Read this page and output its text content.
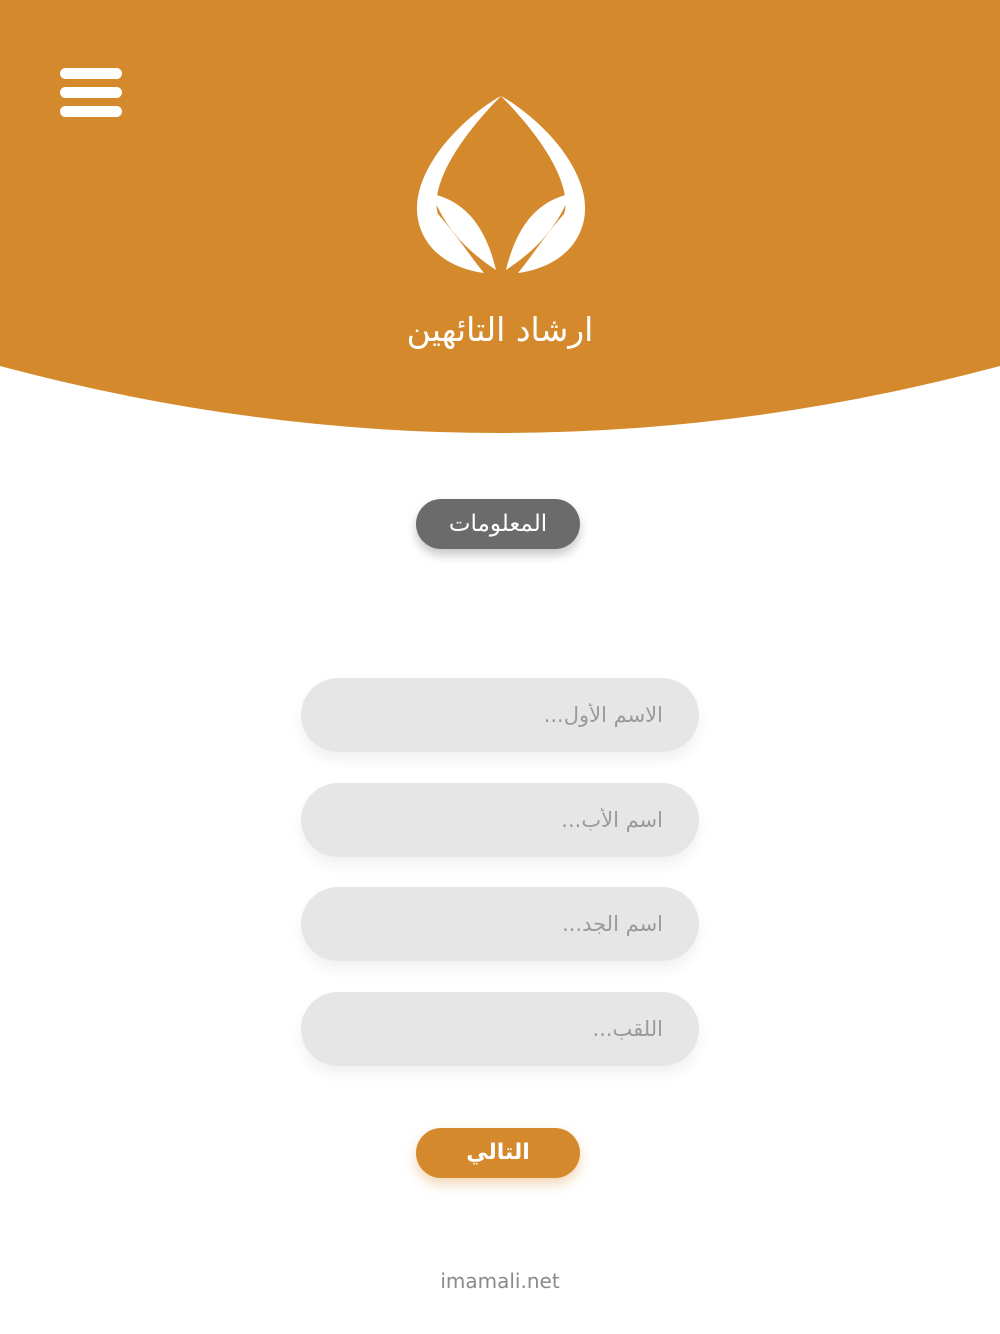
ارشاد التائهين
المعلومات
الاسم الأول...
اسم الأب...
اسم الجد...
اللقب...
التالي
imamali.net
